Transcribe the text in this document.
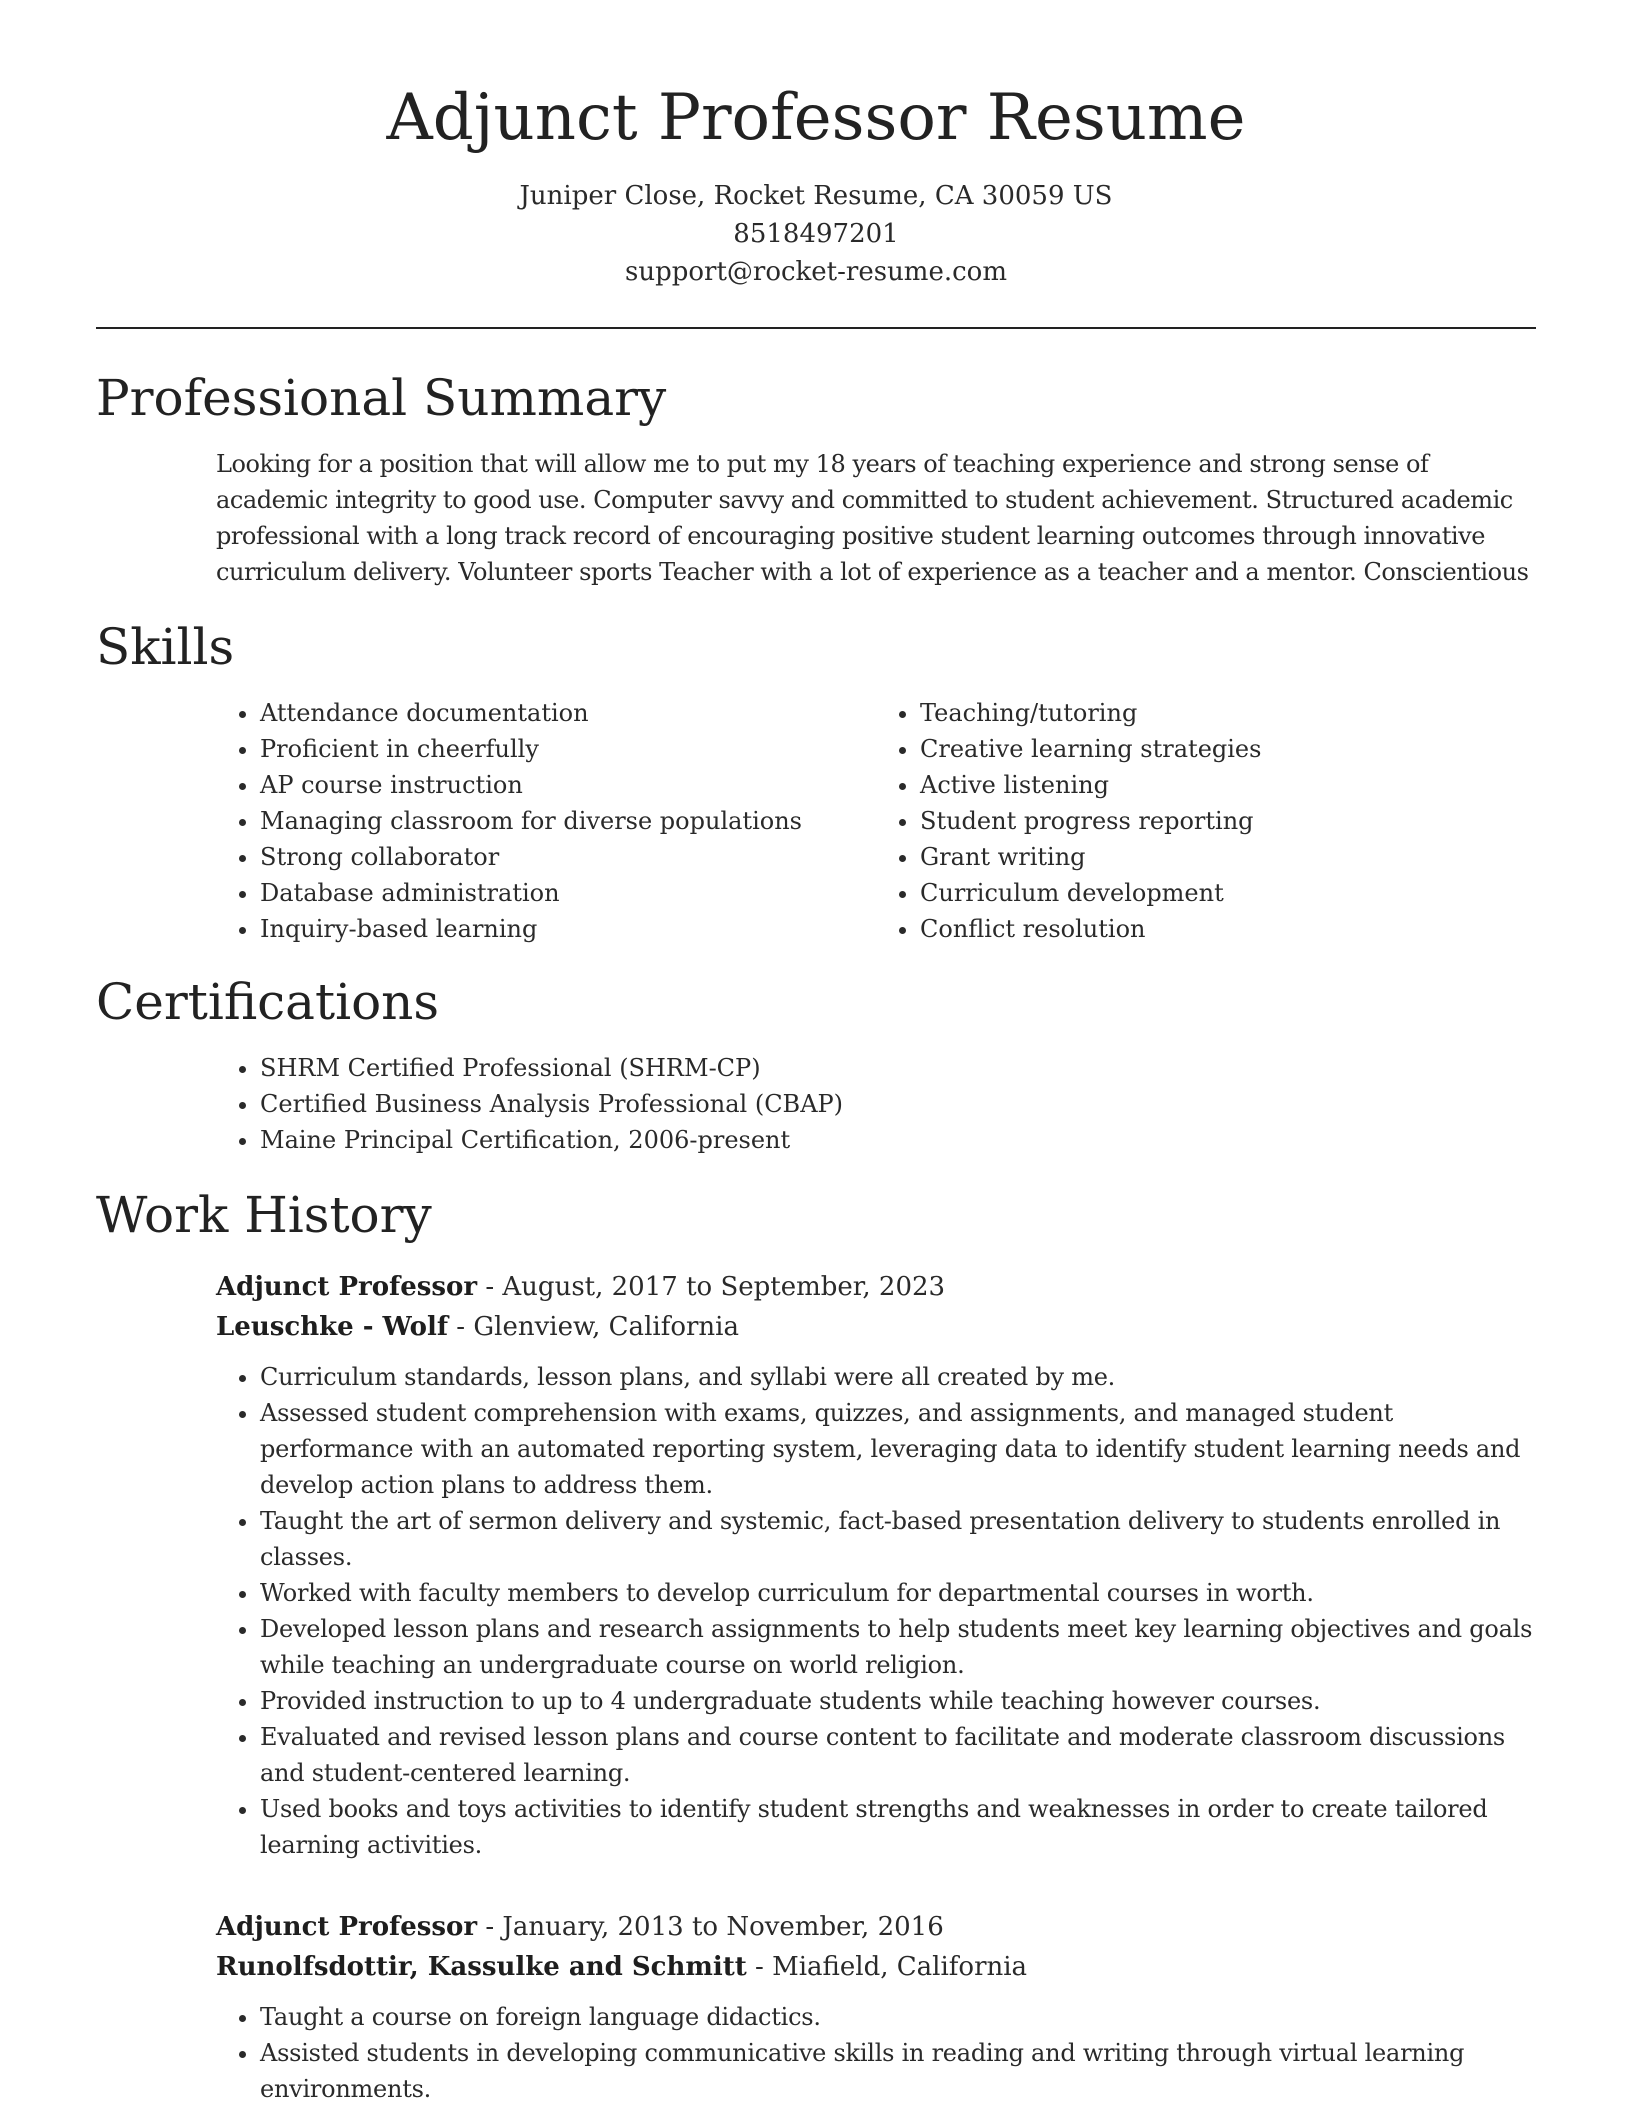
Adjunct Professor Resume
Juniper Close, Rocket Resume, CA 30059 US
8518497201
support@rocket-resume.com
Professional Summary

Looking for a position that will allow me to put my 18 years of teaching experience and strong sense of academic integrity to good use. Computer savvy and committed to student achievement. Structured academic professional with a long track record of encouraging positive student learning outcomes through innovative curriculum delivery. Volunteer sports Teacher with a lot of experience as a teacher and a mentor. Conscientious

Skills
• Attendance documentation
• Proficient in cheerfully
• AP course instruction
• Managing classroom for diverse populations
• Strong collaborator
• Database administration
• Inquiry-based learning
• Teaching/tutoring
• Creative learning strategies
• Active listening
• Student progress reporting
• Grant writing
• Curriculum development
• Conflict resolution
Certifications
• SHRM Certified Professional (SHRM-CP)
• Certified Business Analysis Professional (CBAP)
• Maine Principal Certification, 2006-present
Work History
Adjunct Professor - August, 2017 to September, 2023
Leuschke - Wolf - Glenview, California
• Curriculum standards, lesson plans, and syllabi were all created by me.
• Assessed student comprehension with exams, quizzes, and assignments, and managed student performance with an automated reporting system, leveraging data to identify student learning needs and develop action plans to address them.
• Taught the art of sermon delivery and systemic, fact-based presentation delivery to students enrolled in classes.
• Worked with faculty members to develop curriculum for departmental courses in worth.
• Developed lesson plans and research assignments to help students meet key learning objectives and goals while teaching an undergraduate course on world religion.
• Provided instruction to up to 4 undergraduate students while teaching however courses.
• Evaluated and revised lesson plans and course content to facilitate and moderate classroom discussions and student-centered learning.
• Used books and toys activities to identify student strengths and weaknesses in order to create tailored learning activities.
Adjunct Professor - January, 2013 to November, 2016
Runolfsdottir, Kassulke and Schmitt - Miafield, California
• Taught a course on foreign language didactics.
• Assisted students in developing communicative skills in reading and writing through virtual learning environments.
